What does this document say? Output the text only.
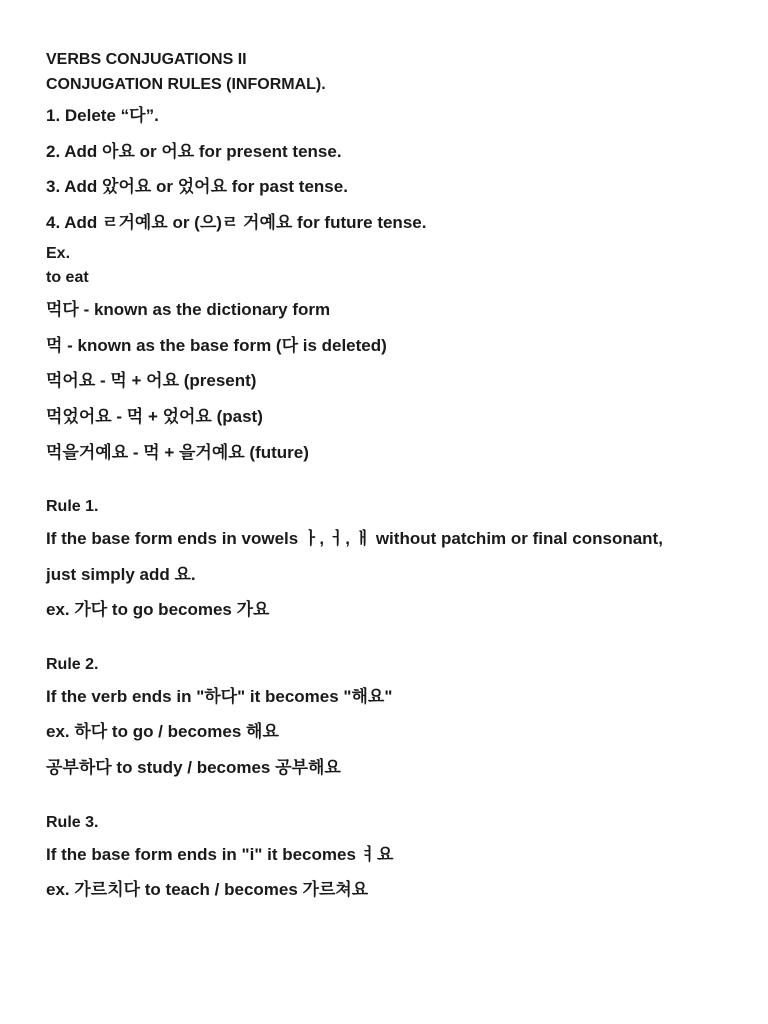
VERBS CONJUGATIONS II
CONJUGATION RULES (INFORMAL).
1. Delete “다”.
2. Add 아요 or 어요 for present tense.
3. Add 았어요 or 었어요 for past tense.
4. Add ㄹ거예요 or (으)ㄹ 거예요 for future tense.
Ex.
to eat
먹다 - known as the dictionary form
먹 - known as the base form (다 is deleted)
먹어요 - 먹 + 어요 (present)
먹었어요 - 먹 + 었어요 (past)
먹을거예요 - 먹 + 을거예요 (future)
Rule 1.
If the base form ends in vowels ㅏ, ㅓ, ㅐ without patchim or final consonant,
just simply add 요.
ex. 가다 to go becomes 가요
Rule 2.
If the verb ends in "하다" it becomes "해요"
ex. 하다 to go / becomes 해요
공부하다 to study / becomes 공부해요
Rule 3.
If the base form ends in "i" it becomes ㅕ요
ex. 가르치다 to teach / becomes 가르쳐요
